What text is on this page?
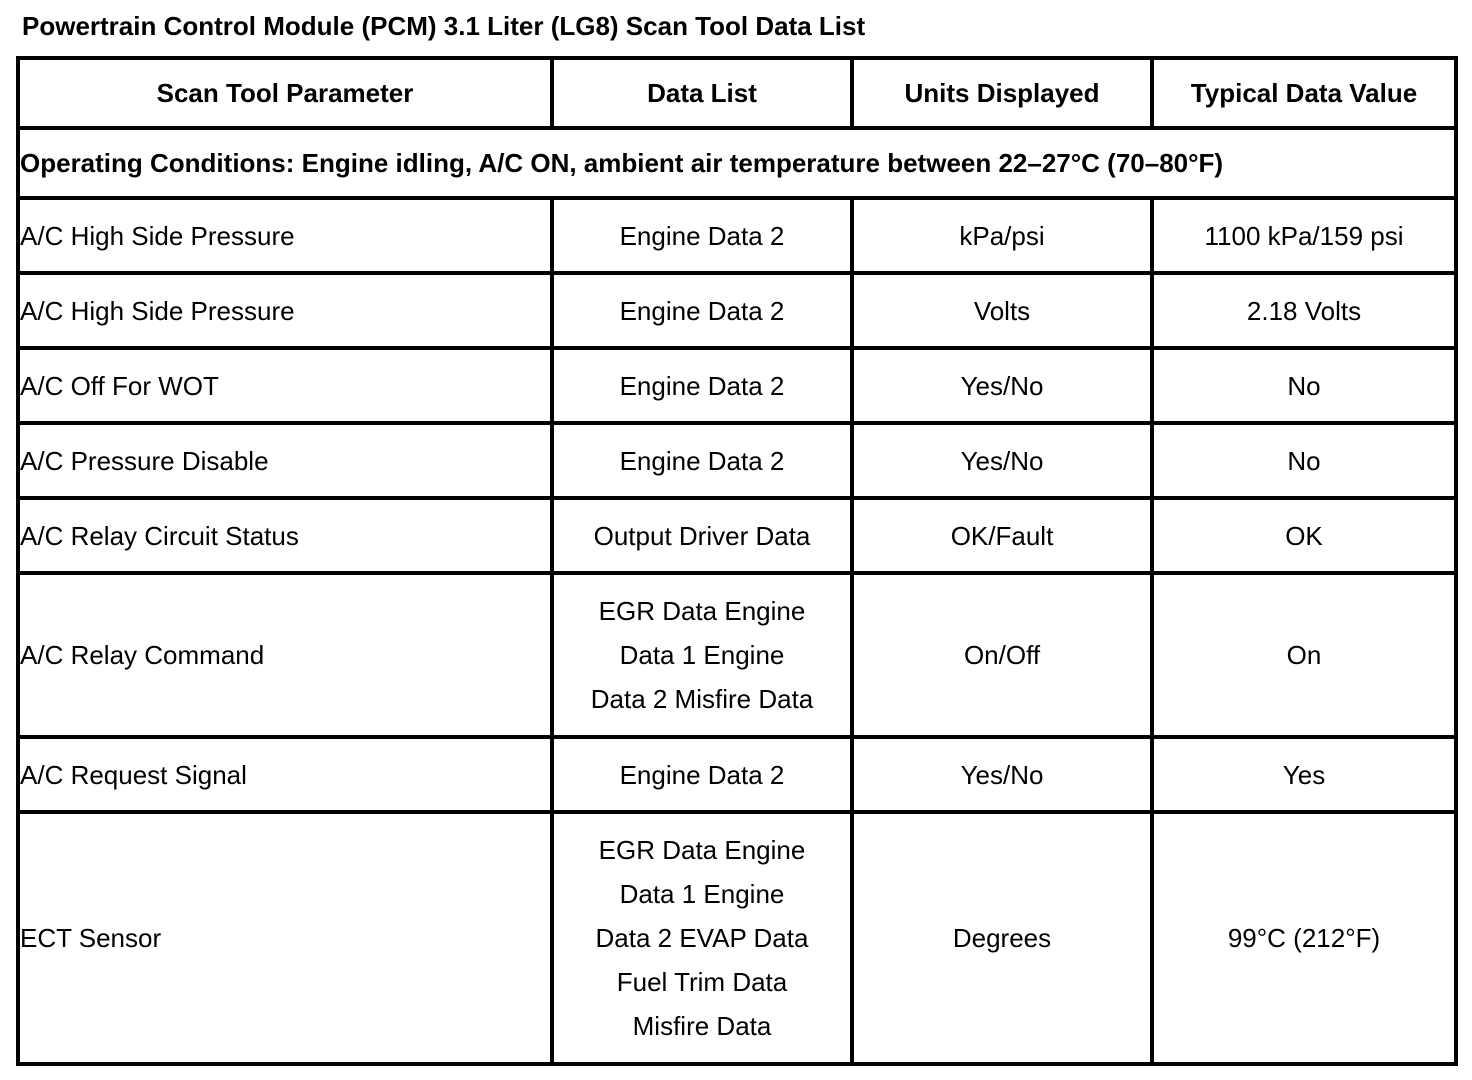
Powertrain Control Module (PCM) 3.1 Liter (LG8) Scan Tool Data List
Scan Tool Parameter	Data List	Units Displayed	Typical Data Value
Operating Conditions: Engine idling, A/C ON, ambient air temperature between 22–27°C (70–80°F)			
A/C High Side Pressure	Engine Data 2	kPa/psi	1100 kPa/159 psi
A/C High Side Pressure	Engine Data 2	Volts	2.18 Volts
A/C Off For WOT	Engine Data 2	Yes/No	No
A/C Pressure Disable	Engine Data 2	Yes/No	No
A/C Relay Circuit Status	Output Driver Data	OK/Fault	OK
A/C Relay Command	EGR Data Engine
Data 1 Engine
Data 2 Misfire Data	On/Off	On
A/C Request Signal	Engine Data 2	Yes/No	Yes
ECT Sensor	EGR Data Engine
Data 1 Engine
Data 2 EVAP Data
Fuel Trim Data
Misfire Data	Degrees	99°C (212°F)
